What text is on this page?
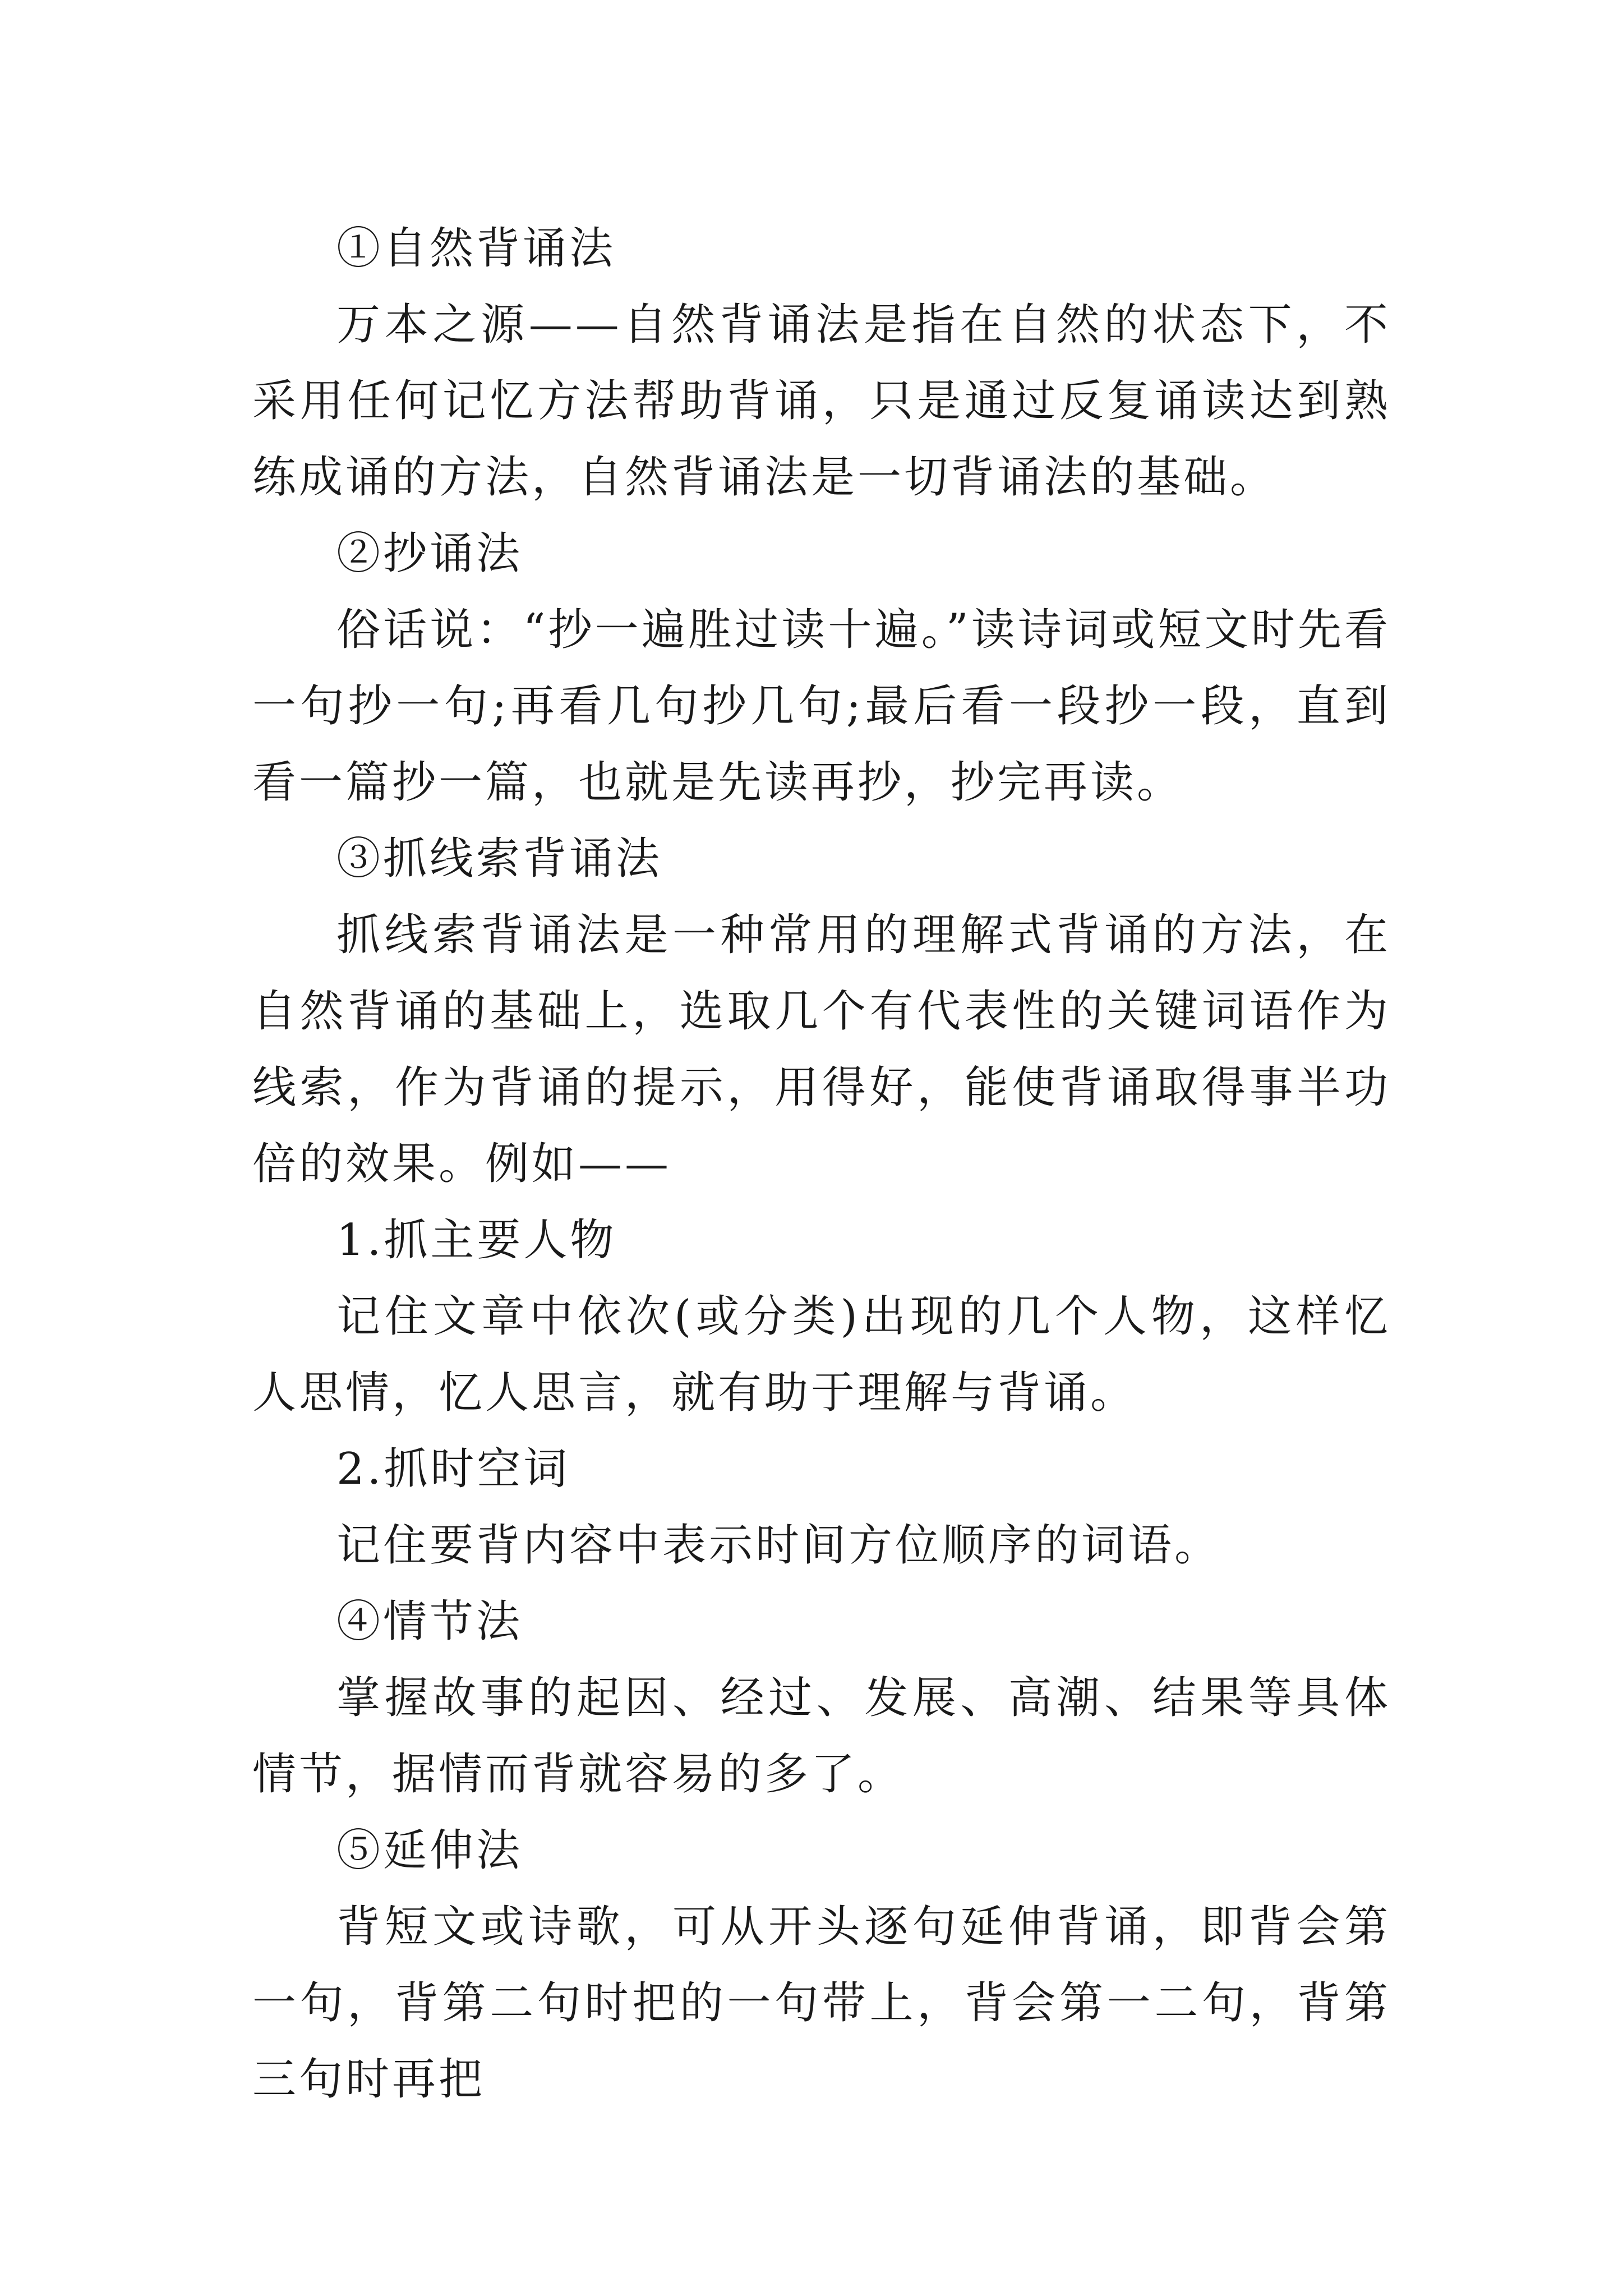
①自然背诵法

万本之源——自然背诵法是指在自然的状态下，不采用任何记忆方法帮助背诵，只是通过反复诵读达到熟练成诵的方法，自然背诵法是一切背诵法的基础。

②抄诵法

俗话说：“抄一遍胜过读十遍。”读诗词或短文时先看一句抄一句;再看几句抄几句;最后看一段抄一段，直到看一篇抄一篇，也就是先读再抄，抄完再读。

③抓线索背诵法

抓线索背诵法是一种常用的理解式背诵的方法，在自然背诵的基础上，选取几个有代表性的关键词语作为线索，作为背诵的提示，用得好，能使背诵取得事半功倍的效果。例如——

1.抓主要人物

记住文章中依次(或分类)出现的几个人物，这样忆人思情，忆人思言，就有助于理解与背诵。

2.抓时空词

记住要背内容中表示时间方位顺序的词语。

④情节法

掌握故事的起因、经过、发展、高潮、结果等具体情节，据情而背就容易的多了。

⑤延伸法

背短文或诗歌，可从开头逐句延伸背诵，即背会第一句，背第二句时把的一句带上，背会第一二句，背第三句时再把
